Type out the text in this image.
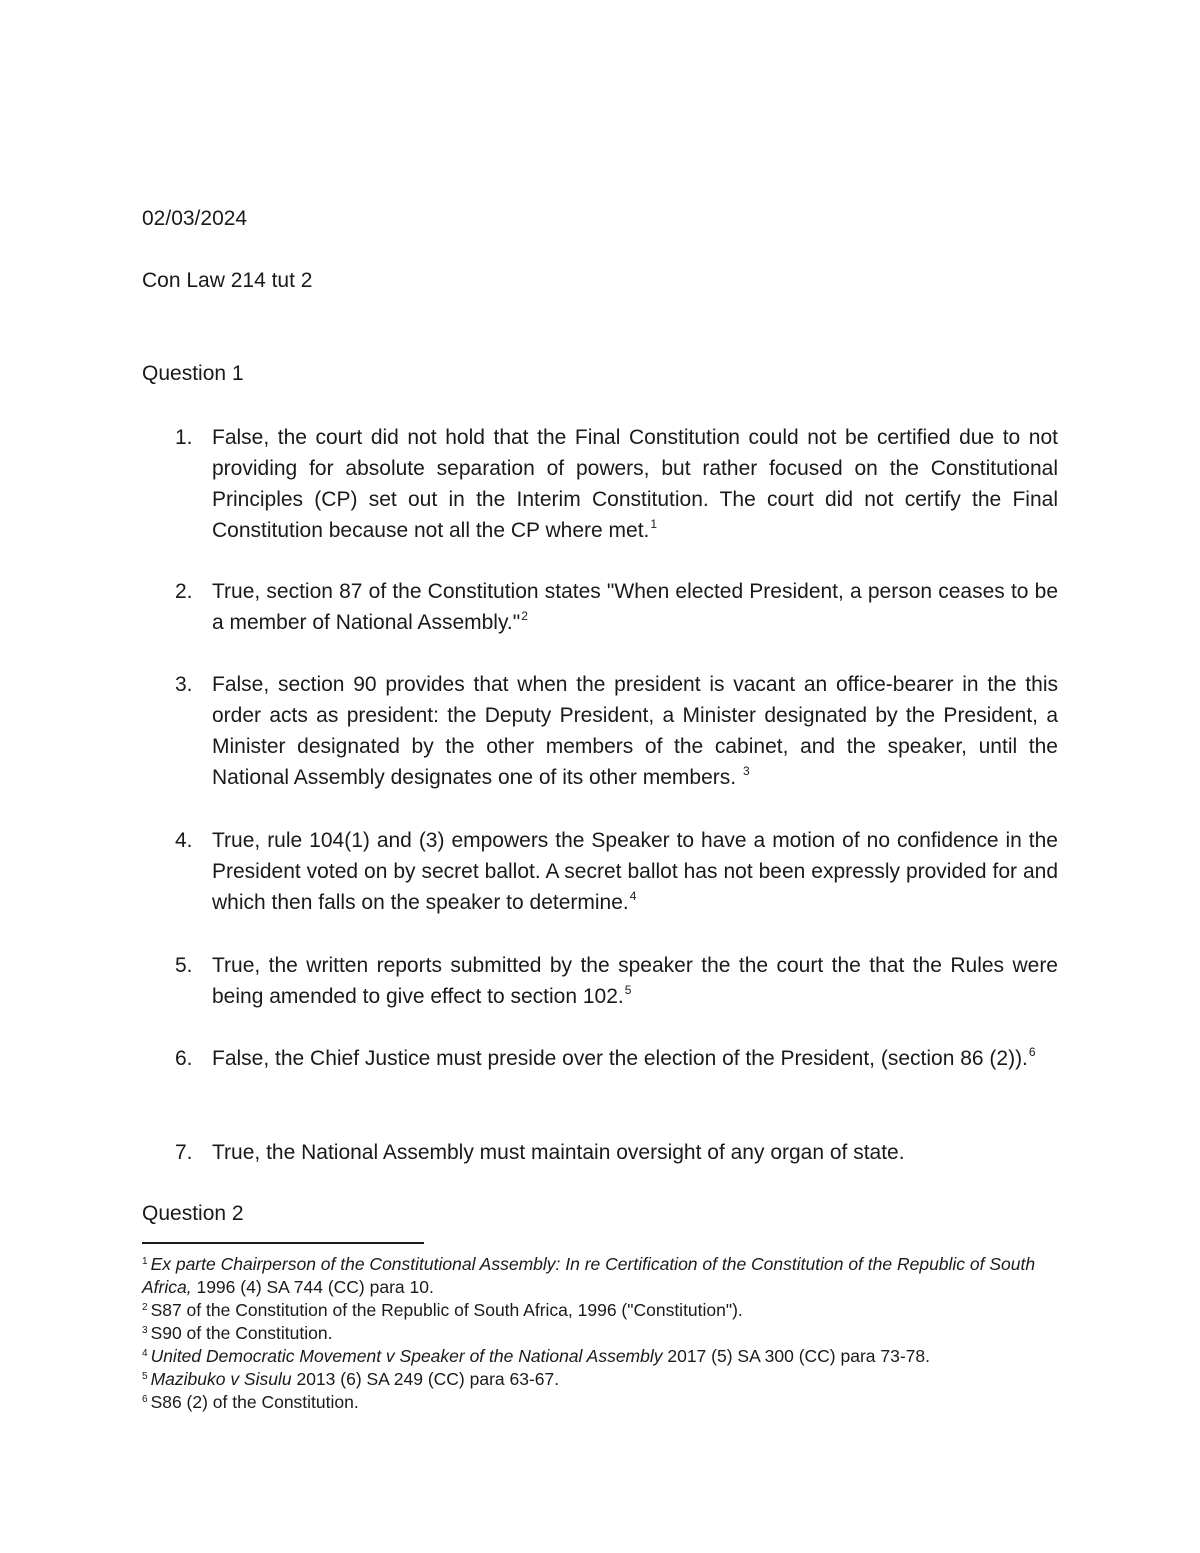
02/03/2024

Con Law 214 tut 2

Question 1

1. False, the court did not hold that the Final Constitution could not be certified due to not providing for absolute separation of powers, but rather focused on the Constitutional Principles (CP) set out in the Interim Constitution. The court did not certify the Final Constitution because not all the CP where met.$^1$
2. True, section 87 of the Constitution states "When elected President, a person ceases to be a member of National Assembly."$^2$
3. False, section 90 provides that when the president is vacant an office-bearer in the this order acts as president: the Deputy President, a Minister designated by the President, a Minister designated by the other members of the cabinet, and the speaker, until the National Assembly designates one of its other members. $^3$
4. True, rule 104(1) and (3) empowers the Speaker to have a motion of no confidence in the President voted on by secret ballot. A secret ballot has not been expressly provided for and which then falls on the speaker to determine.$^4$
5. True, the written reports submitted by the speaker the the court the that the Rules were being amended to give effect to section 102.$^5$
6. False, the Chief Justice must preside over the election of the President, (section 86 (2)).$^6$
7. True, the National Assembly must maintain oversight of any organ of state.

Question 2

$^1$ Ex parte Chairperson of the Constitutional Assembly: In re Certification of the Constitution of the Republic of South Africa, 1996 (4) SA 744 (CC) para 10.

$^2$ S87 of the Constitution of the Republic of South Africa, 1996 ("Constitution").

$^3$ S90 of the Constitution.

$^4$ United Democratic Movement v Speaker of the National Assembly 2017 (5) SA 300 (CC) para 73-78.

$^5$ Mazibuko v Sisulu 2013 (6) SA 249 (CC) para 63-67.

$^6$ S86 (2) of the Constitution.
